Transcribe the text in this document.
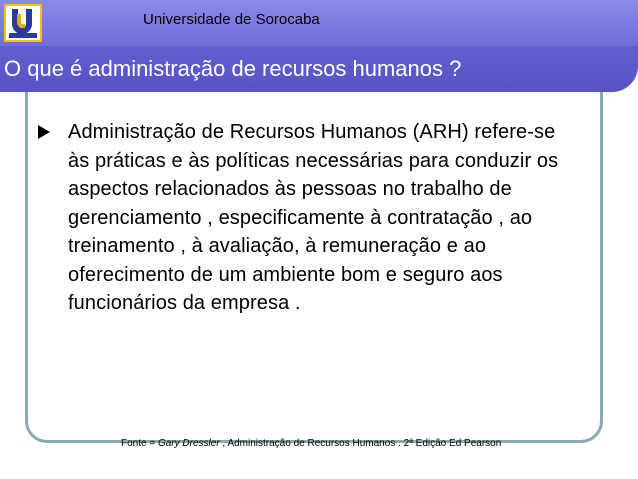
Universidade de Sorocaba
O que é administração de recursos humanos ?

Administração de Recursos Humanos (ARH) refere-se às práticas e às políticas necessárias para conduzir os aspectos relacionados às pessoas no trabalho de gerenciamento , especificamente à contratação , ao treinamento , à avaliação, à remuneração e ao oferecimento de um ambiente bom e seguro aos funcionários da empresa .

Fonte = Gary Dressler , Administração de Recursos Humanos . 2ª Edição Ed Pearson
